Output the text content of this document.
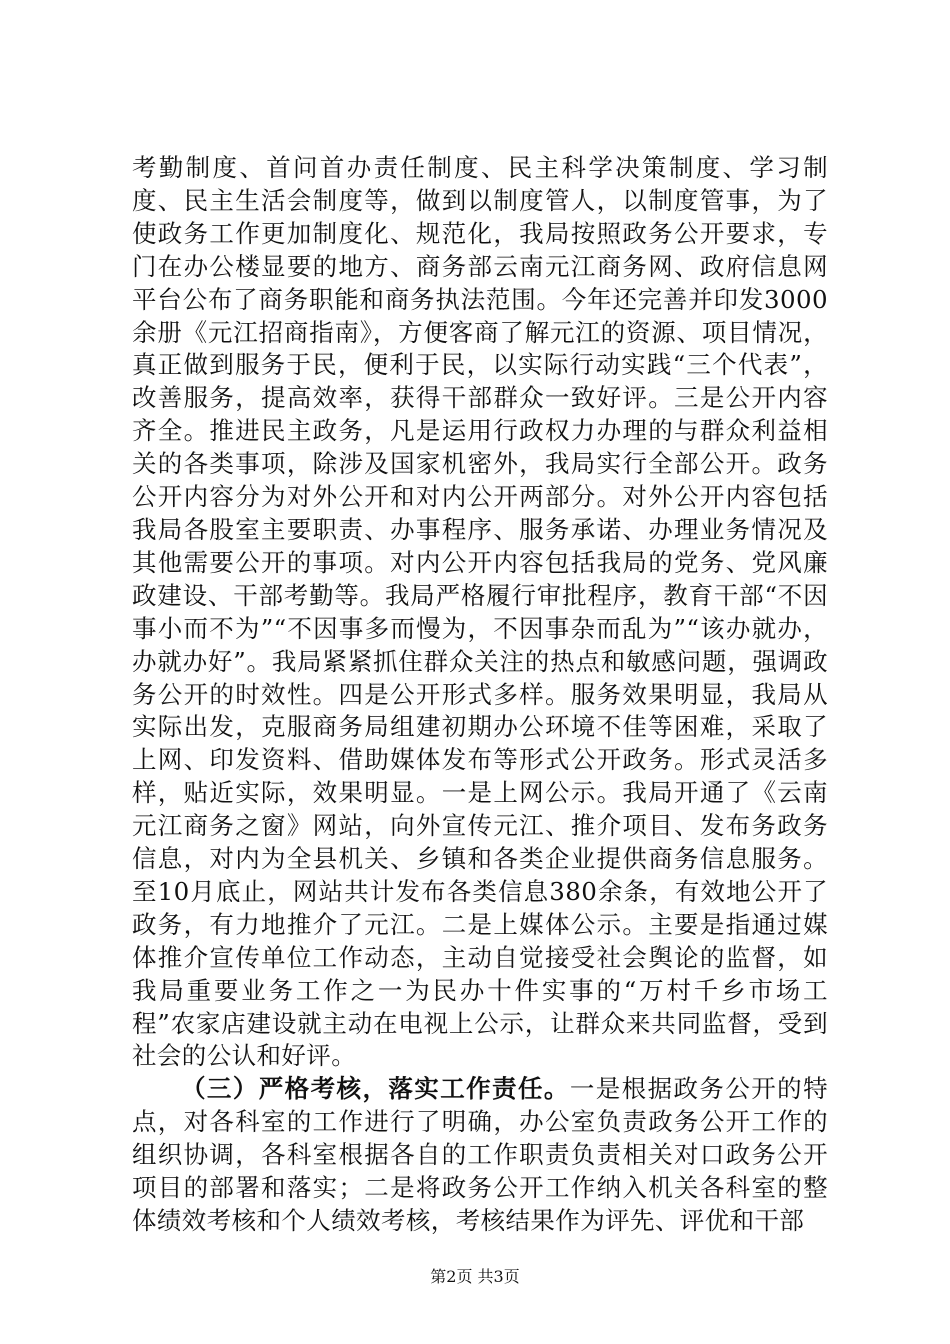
考勤制度、首问首办责任制度、民主科学决策制度、学习制度、民主生活会制度等，做到以制度管人，以制度管事，为了使政务工作更加制度化、规范化，我局按照政务公开要求，专门在办公楼显要的地方、商务部云南元江商务网、政府信息网平台公布了商务职能和商务执法范围。今年还完善并印发3000余册《元江招商指南》，方便客商了解元江的资源、项目情况，真正做到服务于民，便利于民，以实际行动实践“三个代表”，改善服务，提高效率，获得干部群众一致好评。三是公开内容齐全。推进民主政务，凡是运用行政权力办理的与群众利益相关的各类事项，除涉及国家机密外，我局实行全部公开。政务公开内容分为对外公开和对内公开两部分。对外公开内容包括我局各股室主要职责、办事程序、服务承诺、办理业务情况及其他需要公开的事项。对内公开内容包括我局的党务、党风廉政建设、干部考勤等。我局严格履行审批程序，教育干部“不因事小而不为”“不因事多而慢为，不因事杂而乱为”“该办就办，办就办好”。我局紧紧抓住群众关注的热点和敏感问题，强调政务公开的时效性。四是公开形式多样。服务效果明显，我局从实际出发，克服商务局组建初期办公环境不佳等困难，采取了上网、印发资料、借助媒体发布等形式公开政务。形式灵活多样，贴近实际，效果明显。一是上网公示。我局开通了《云南元江商务之窗》网站，向外宣传元江、推介项目、发布务政务信息，对内为全县机关、乡镇和各类企业提供商务信息服务。至10月底止，网站共计发布各类信息380余条，有效地公开了政务，有力地推介了元江。二是上媒体公示。主要是指通过媒体推介宣传单位工作动态，主动自觉接受社会舆论的监督，如我局重要业务工作之一为民办十件实事的“万村千乡市场工程”农家店建设就主动在电视上公示，让群众来共同监督，受到社会的公认和好评。

（三）严格考核，落实工作责任。一是根据政务公开的特点，对各科室的工作进行了明确，办公室负责政务公开工作的组织协调，各科室根据各自的工作职责负责相关对口政务公开项目的部署和落实；二是将政务公开工作纳入机关各科室的整体绩效考核和个人绩效考核，考核结果作为评先、评优和干部

第2页 共3页
